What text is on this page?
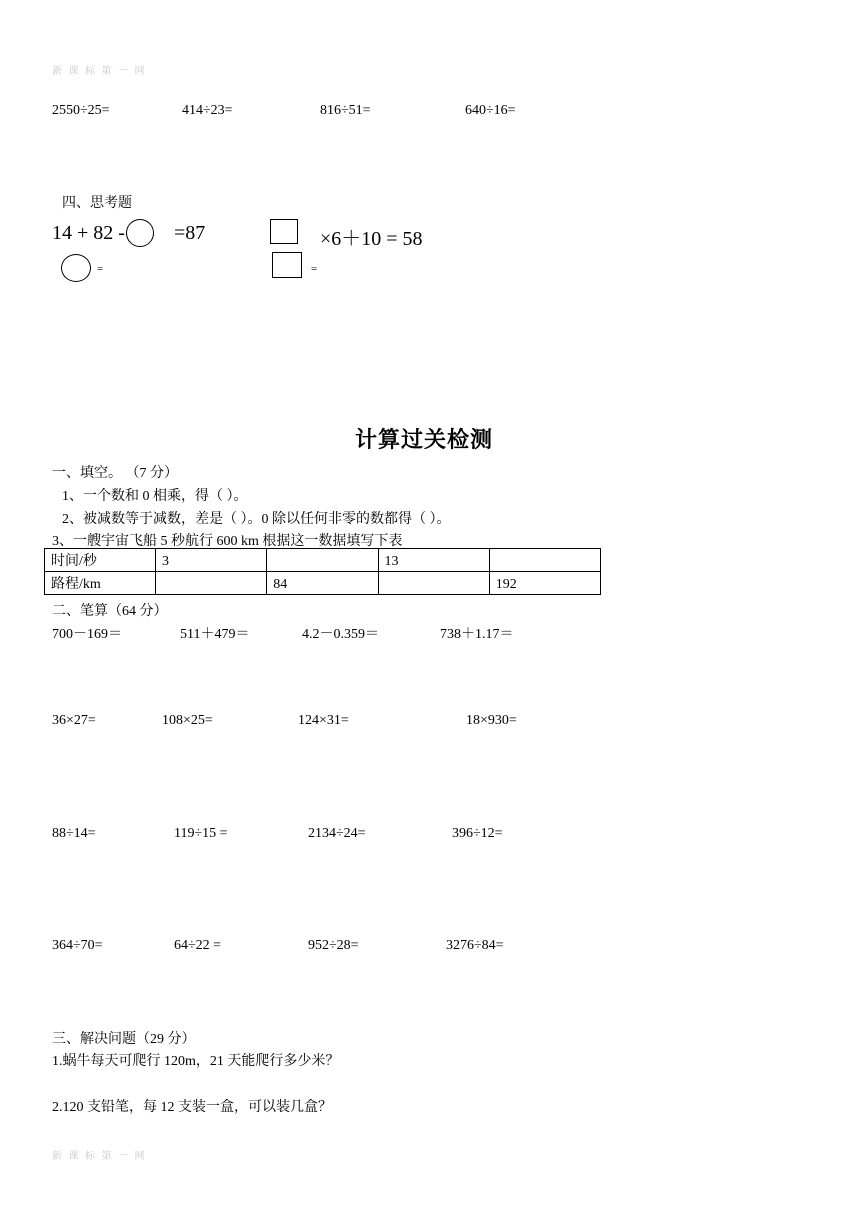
新 课 标 第 一 网
2550÷25=	414÷23=	816÷51=	640÷16=
四、思考题
14 + 82 - =87	×6＋10 = 58
=	=
计算过关检测
一、填空。 （7 分）
1、一个数和 0 相乘，得（ ）。
2、被减数等于减数，差是（ ）。0 除以任何非零的数都得（ ）。
3、一艘宇宙飞船 5 秒航行 600 km 根据这一数据填写下表
时间/秒	3		13	
路程/km		84		192
二、笔算（64 分）
700－169＝	511＋479＝	4.2－0.359＝	738＋1.17＝
36×27=	108×25=	124×31=	18×930=
88÷14=	119÷15 =	2134÷24=	396÷12=
364÷70=	64÷22 =	952÷28=	3276÷84=
三、解决问题（29 分）
1.蜗牛每天可爬行 120m，21 天能爬行多少米？
2.120 支铅笔，每 12 支装一盒，可以装几盒？
新 课 标 第 一 网
